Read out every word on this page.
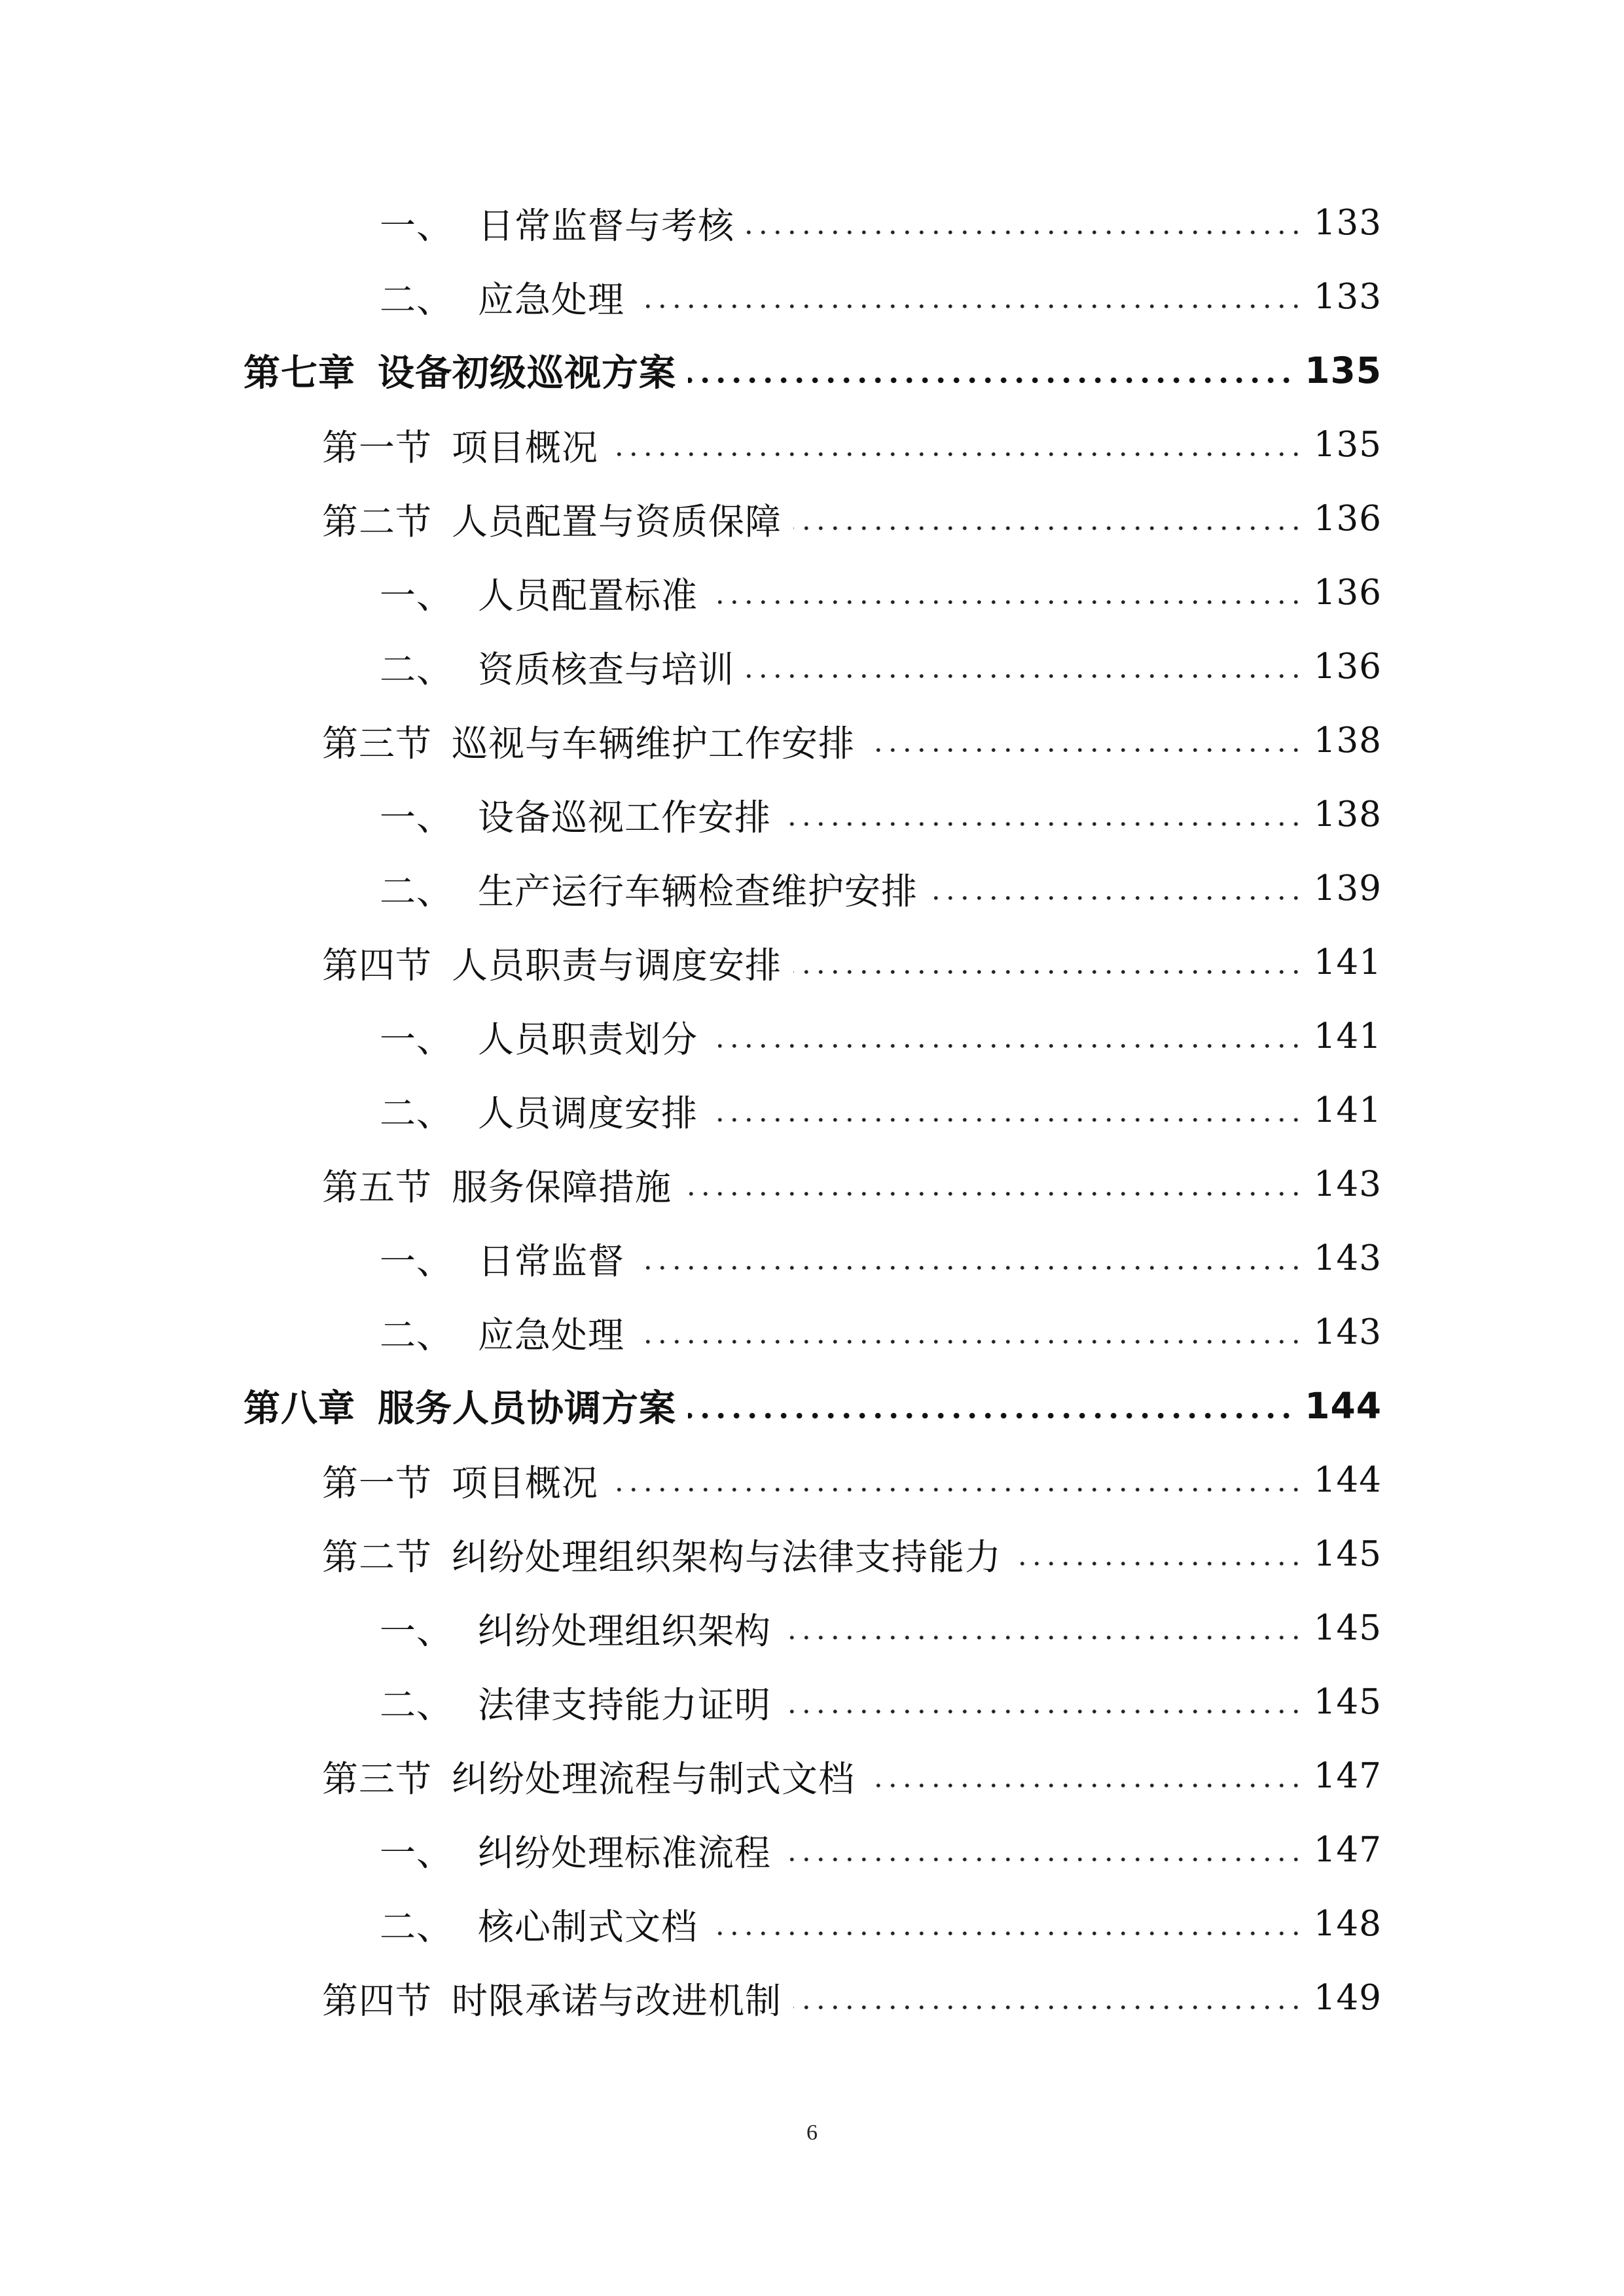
一、 日常监督与考核	133
二、 应急处理	133
第七章 设备初级巡视方案	135
第一节 项目概况	135
第二节 人员配置与资质保障	136
一、 人员配置标准	136
二、 资质核查与培训	136
第三节 巡视与车辆维护工作安排	138
一、 设备巡视工作安排	138
二、 生产运行车辆检查维护安排	139
第四节 人员职责与调度安排	141
一、 人员职责划分	141
二、 人员调度安排	141
第五节 服务保障措施	143
一、 日常监督	143
二、 应急处理	143
第八章 服务人员协调方案	144
第一节 项目概况	144
第二节 纠纷处理组织架构与法律支持能力	145
一、 纠纷处理组织架构	145
二、 法律支持能力证明	145
第三节 纠纷处理流程与制式文档	147
一、 纠纷处理标准流程	147
二、 核心制式文档	148
第四节 时限承诺与改进机制	149
6
